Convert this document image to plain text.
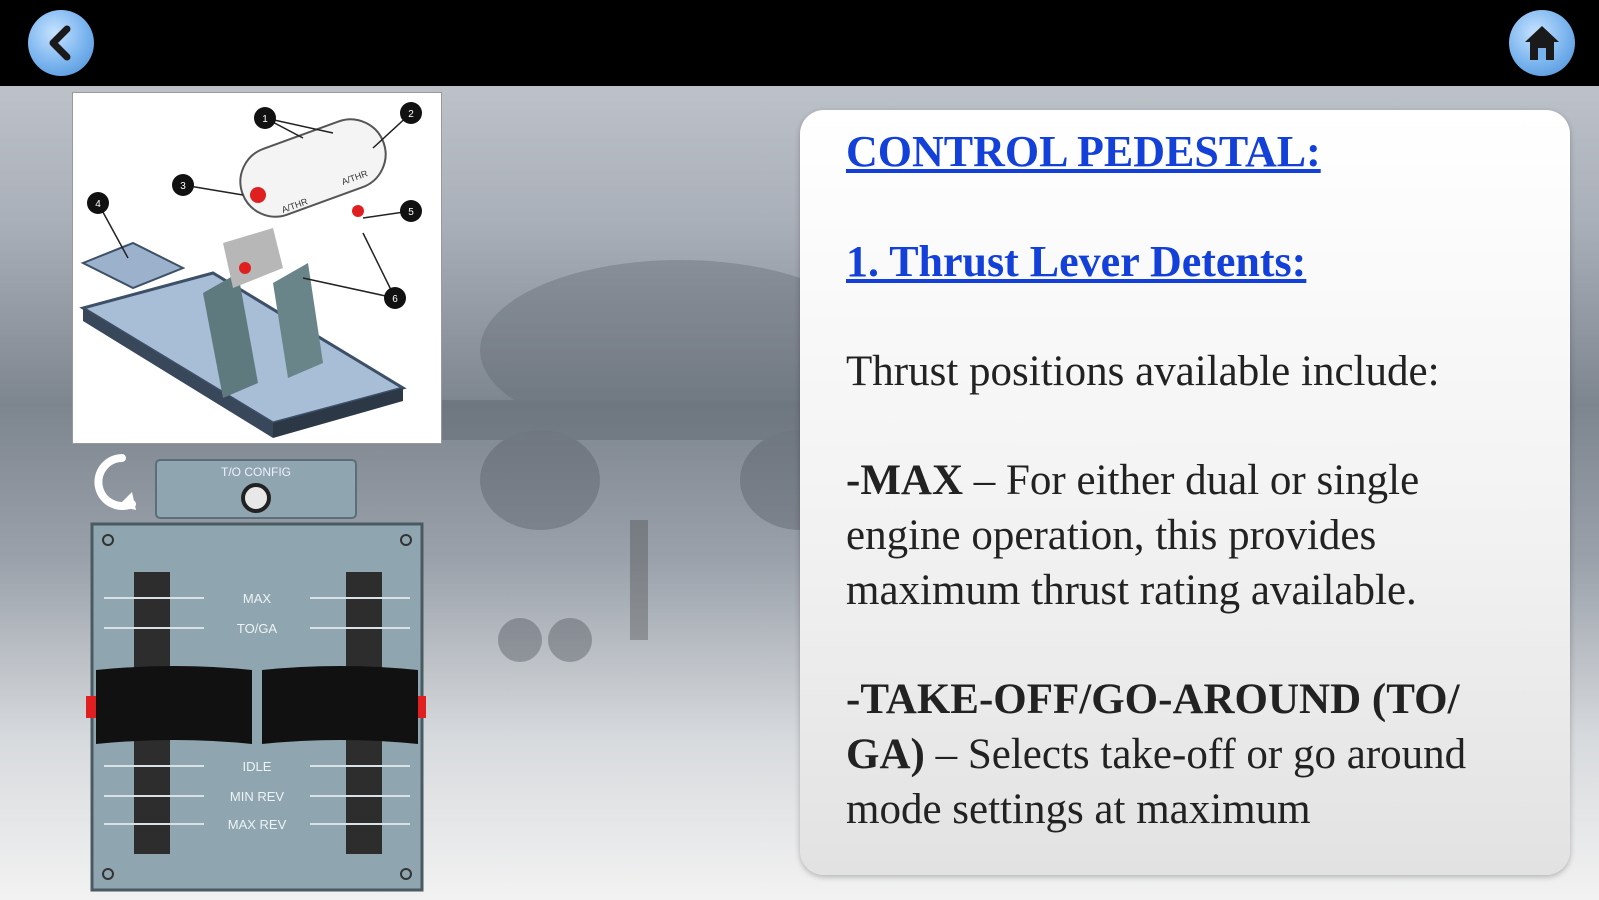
A/THR
A/THR
1	2
3
4
5
6
T/O CONFIG
MAX
TO/GA
IDLE
MIN REV
MAX REV
CONTROL PEDESTAL:
1. Thrust Lever Detents:

Thrust positions available include:

-MAX – For either dual or single
engine operation, this provides
maximum thrust rating available.

-TAKE-OFF/GO-AROUND (TO/
GA) – Selects take-off or go around
mode settings at maximum
